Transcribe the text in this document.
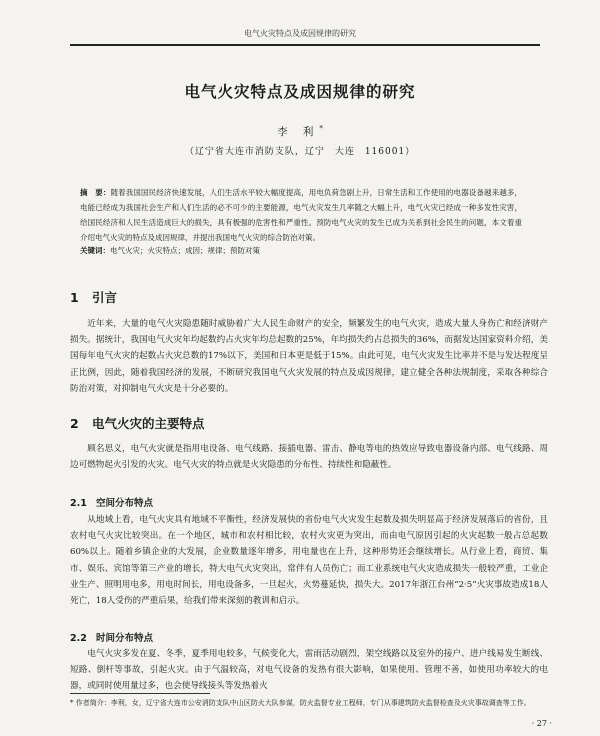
电气火灾特点及成因规律的研究
电气火灾特点及成因规律的研究
李 利*
（辽宁省大连市消防支队，辽宁　大连　116001）
摘　要：随着我国国民经济快速发展，人们生活水平较大幅度提高，用电负荷急剧上升，日常生活和工作使用的电器设备越来越多，电能已经成为我国社会生产和人们生活的必不可少的主要能源，电气火灾发生几率随之大幅上升，电气火灾已经成一种多发性灾害，给国民经济和人民生活造成巨大的损失，具有极强的危害性和严重性。预防电气火灾的发生已成为关系到社会民生的问题，本文着重介绍电气火灾的特点及成因规律，并提出我国电气火灾的综合防治对策。
关键词：电气火灾；火灾特点；成因；规律；预防对策
1 引言

近年来，大量的电气火灾隐患随时威胁着广大人民生命财产的安全，频繁发生的电气火灾，造成大量人身伤亡和经济财产损失。据统计，我国电气火灾年均起数约占火灾年均总起数的25%，年均损失约占总损失的36%，而据发达国家资料介绍，美国每年电气火灾的起数占火灾总数的17%以下，美国和日本更是低于15%。由此可见，电气火灾发生比率并不是与发达程度呈正比例，因此，随着我国经济的发展，不断研究我国电气火灾发展的特点及成因规律，建立健全各种法规制度，采取各种综合防治对策，对抑制电气火灾是十分必要的。

2 电气火灾的主要特点

顾名思义，电气火灾就是指用电设备、电气线路、接插电器、雷击、静电等电的热效应导致电器设备内部、电气线路、周边可燃物起火引发的火灾。电气火灾的特点就是火灾隐患的分布性、持续性和隐蔽性。

2.1 空间分布特点

从地域上看，电气火灾具有地域不平衡性，经济发展快的省份电气火灾发生起数及损失明显高于经济发展落后的省份，且农村电气火灾比较突出。在一个地区，城市和农村相比较，农村火灾更为突出，而由电气原因引起的火灾起数一般占总起数60%以上。随着乡镇企业的大发展，企业数量逐年增多，用电量也在上升，这种形势还会继续增长。从行业上看，商贸、集市、娱乐、宾馆等第三产业的增长，特大电气火灾突出，常伴有人员伤亡；而工业系统电气火灾造成损失一般较严重，工业企业生产、照明用电多，用电时间长，用电设备多，一旦起火，火势蔓延快，损失大。2017年浙江台州“2·5”火灾事故造成18人死亡，18人受伤的严重后果，给我们带来深刻的教训和启示。

2.2 时间分布特点

电气火灾多发在夏、冬季，夏季用电较多，气候变化大，雷雨活动剧烈，架空线路以及室外的接户、进户线易发生断线、短路、倒杆等事故，引起火灾。由于气温较高，对电气设备的发热有很大影响，如果使用、管理不善，如使用功率较大的电器，或同时使用量过多，也会使导线接头等发热着火

* 作者简介：李利，女，辽宁省大连市公安消防支队中山区防火大队参谋，防火监督专业工程师，专门从事建筑防火监督检查及火灾事故调查等工作。
· 27 ·
